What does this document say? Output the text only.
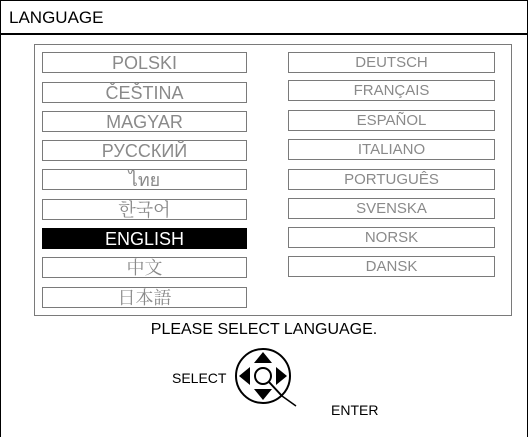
LANGUAGE
POLSKI
ČEŠTINA
MAGYAR
РУССКИЙ
ไทย
한국어
ENGLISH
中文
日本語
DEUTSCH
FRANÇAIS
ESPAÑOL
ITALIANO
PORTUGUÊS
SVENSKA
NORSK
DANSK
PLEASE SELECT LANGUAGE.
SELECT
ENTER
